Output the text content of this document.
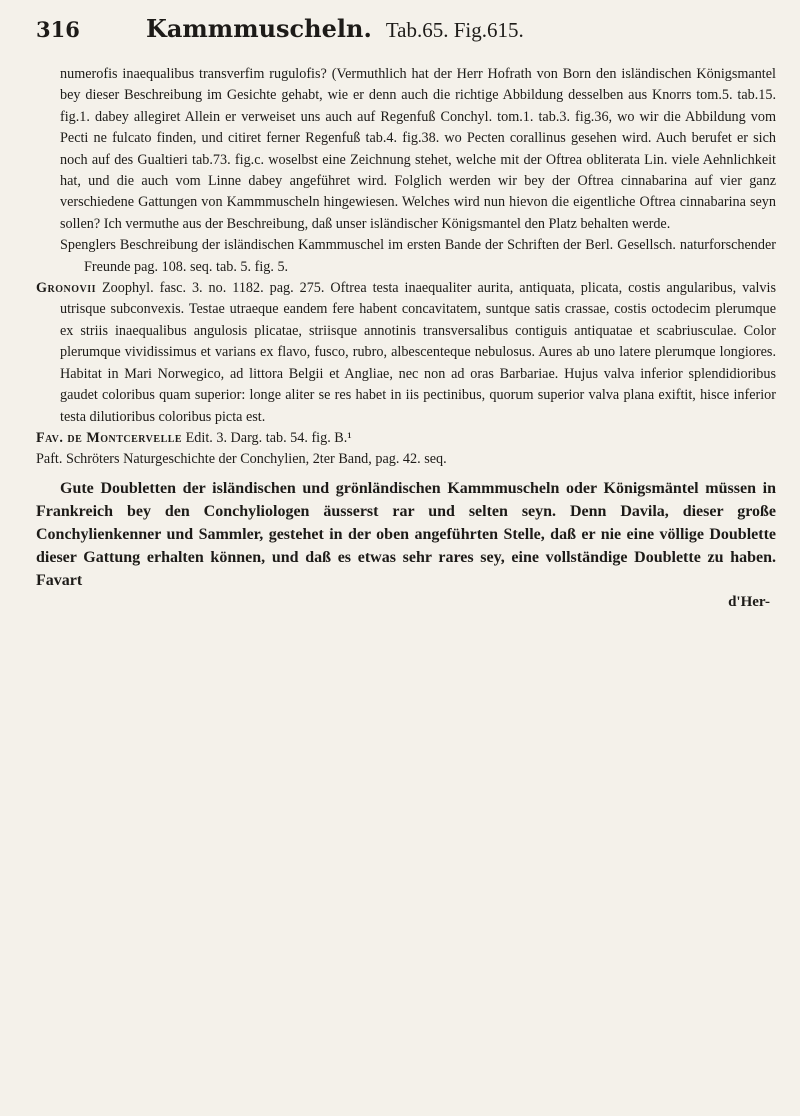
316	Kammmuscheln. Tab.65. Fig.615.

numerofis inaequalibus transverfim rugulofis? (Vermuthlich hat der Herr Hofrath von Born den isländischen Königsmantel bey dieser Beschreibung im Gesichte gehabt, wie er denn auch die richtige Abbildung desselben aus Knorrs tom.5. tab.15. fig.1. dabey allegiret Allein er verweiset uns auch auf Regenfuß Conchyl. tom.1. tab.3. fig.36, wo wir die Abbildung vom Pecti ne fulcato finden, und citiret ferner Regenfuß tab.4. fig.38. wo Pecten corallinus gesehen wird. Auch berufet er sich noch auf des Gualtieri tab.73. fig.c. woselbst eine Zeichnung stehet, welche mit der Oftrea obliterata Lin. viele Aehnlichkeit hat, und die auch vom Linne dabey angeführet wird. Folglich werden wir bey der Oftrea cinnabarina auf vier ganz verschiedene Gattungen von Kammmuscheln hingewiesen. Welches wird nun hievon die eigentliche Oftrea cinnabarina seyn sollen? Ich vermuthe aus der Beschreibung, daß unser isländischer Königsmantel den Platz behalten werde.

Spenglers Beschreibung der isländischen Kammmuschel im ersten Bande der Schriften der Berl. Gesellsch. naturforschender Freunde pag. 108. seq. tab. 5. fig. 5.

Gronovii Zoophyl. fasc. 3. no. 1182. pag. 275. Oftrea testa inaequaliter aurita, antiquata, plicata, costis angularibus, valvis utrisque subconvexis. Testae utraeque eandem fere habent concavitatem, suntque satis crassae, costis octodecim plerumque ex striis inaequalibus angulosis plicatae, striisque annotinis transversalibus contiguis antiquatae et scabriusculae. Color plerumque vividissimus et varians ex flavo, fusco, rubro, albescenteque nebulosus. Aures ab uno latere plerumque longiores. Habitat in Mari Norwegico, ad littora Belgii et Angliae, nec non ad oras Barbariae. Hujus valva inferior splendidioribus gaudet coloribus quam superior: longe aliter se res habet in iis pectinibus, quorum superior valva plana exiftit, hisce inferior testa dilutioribus coloribus picta est.

Fav. de Montcervelle Edit. 3. Darg. tab. 54. fig. B.¹

Paft. Schröters Naturgeschichte der Conchylien, 2ter Band, pag. 42. seq.

Gute Doubletten der isländischen und grönländischen Kammmuscheln oder Königsmäntel müssen in Frankreich bey den Conchyliologen äusserst rar und selten seyn. Denn Davila, dieser große Conchylienkenner und Sammler, gestehet in der oben angeführten Stelle, daß er nie eine völlige Doublette dieser Gattung erhalten können, und daß es etwas sehr rares sey, eine vollständige Doublette zu haben. Favart

d'Her-
